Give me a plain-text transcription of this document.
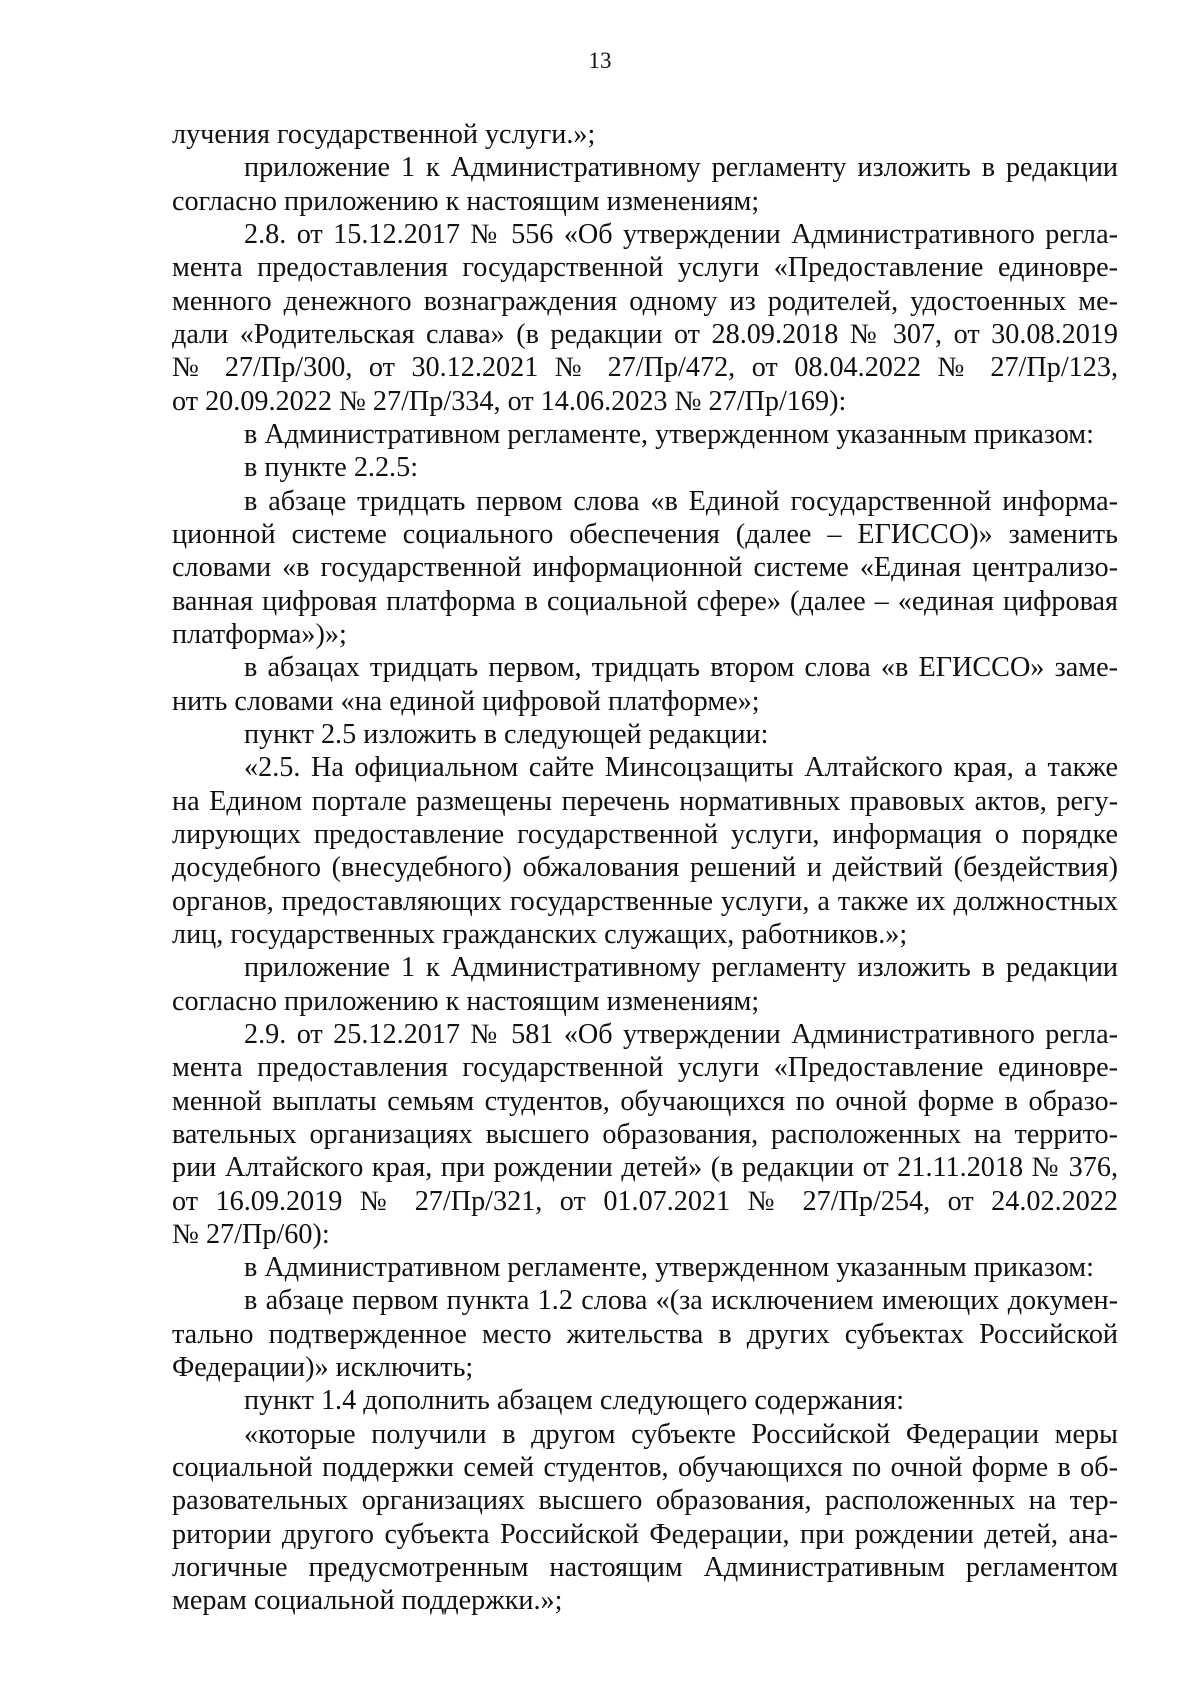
13
лучения государственной услуги.»;
приложение 1 к Административному регламенту изложить в редакции
согласно приложению к настоящим изменениям;
2.8. от 15.12.2017 № 556 «Об утверждении Административного регла-
мента предоставления государственной услуги «Предоставление единовре-
менного денежного вознаграждения одному из родителей, удостоенных ме-
дали «Родительская слава» (в редакции от 28.09.2018 № 307, от 30.08.2019
№ 27/Пр/300, от 30.12.2021 № 27/Пр/472, от 08.04.2022 № 27/Пр/123,
от 20.09.2022 № 27/Пр/334, от 14.06.2023 № 27/Пр/169):
в Административном регламенте, утвержденном указанным приказом:
в пункте 2.2.5:
в абзаце тридцать первом слова «в Единой государственной информа-
ционной системе социального обеспечения (далее – ЕГИССО)» заменить
словами «в государственной информационной системе «Единая централизо-
ванная цифровая платформа в социальной сфере» (далее – «единая цифровая
платформа»)»;
в абзацах тридцать первом, тридцать втором слова «в ЕГИССО» заме-
нить словами «на единой цифровой платформе»;
пункт 2.5 изложить в следующей редакции:
«2.5. На официальном сайте Минсоцзащиты Алтайского края, а также
на Едином портале размещены перечень нормативных правовых актов, регу-
лирующих предоставление государственной услуги, информация о порядке
досудебного (внесудебного) обжалования решений и действий (бездействия)
органов, предоставляющих государственные услуги, а также их должностных
лиц, государственных гражданских служащих, работников.»;
приложение 1 к Административному регламенту изложить в редакции
согласно приложению к настоящим изменениям;
2.9. от 25.12.2017 № 581 «Об утверждении Административного регла-
мента предоставления государственной услуги «Предоставление единовре-
менной выплаты семьям студентов, обучающихся по очной форме в образо-
вательных организациях высшего образования, расположенных на террито-
рии Алтайского края, при рождении детей» (в редакции от 21.11.2018 № 376,
от 16.09.2019 № 27/Пр/321, от 01.07.2021 № 27/Пр/254, от 24.02.2022
№ 27/Пр/60):
в Административном регламенте, утвержденном указанным приказом:
в абзаце первом пункта 1.2 слова «(за исключением имеющих докумен-
тально подтвержденное место жительства в других субъектах Российской
Федерации)» исключить;
пункт 1.4 дополнить абзацем следующего содержания:
«которые получили в другом субъекте Российской Федерации меры
социальной поддержки семей студентов, обучающихся по очной форме в об-
разовательных организациях высшего образования, расположенных на тер-
ритории другого субъекта Российской Федерации, при рождении детей, ана-
логичные предусмотренным настоящим Административным регламентом
мерам социальной поддержки.»;
